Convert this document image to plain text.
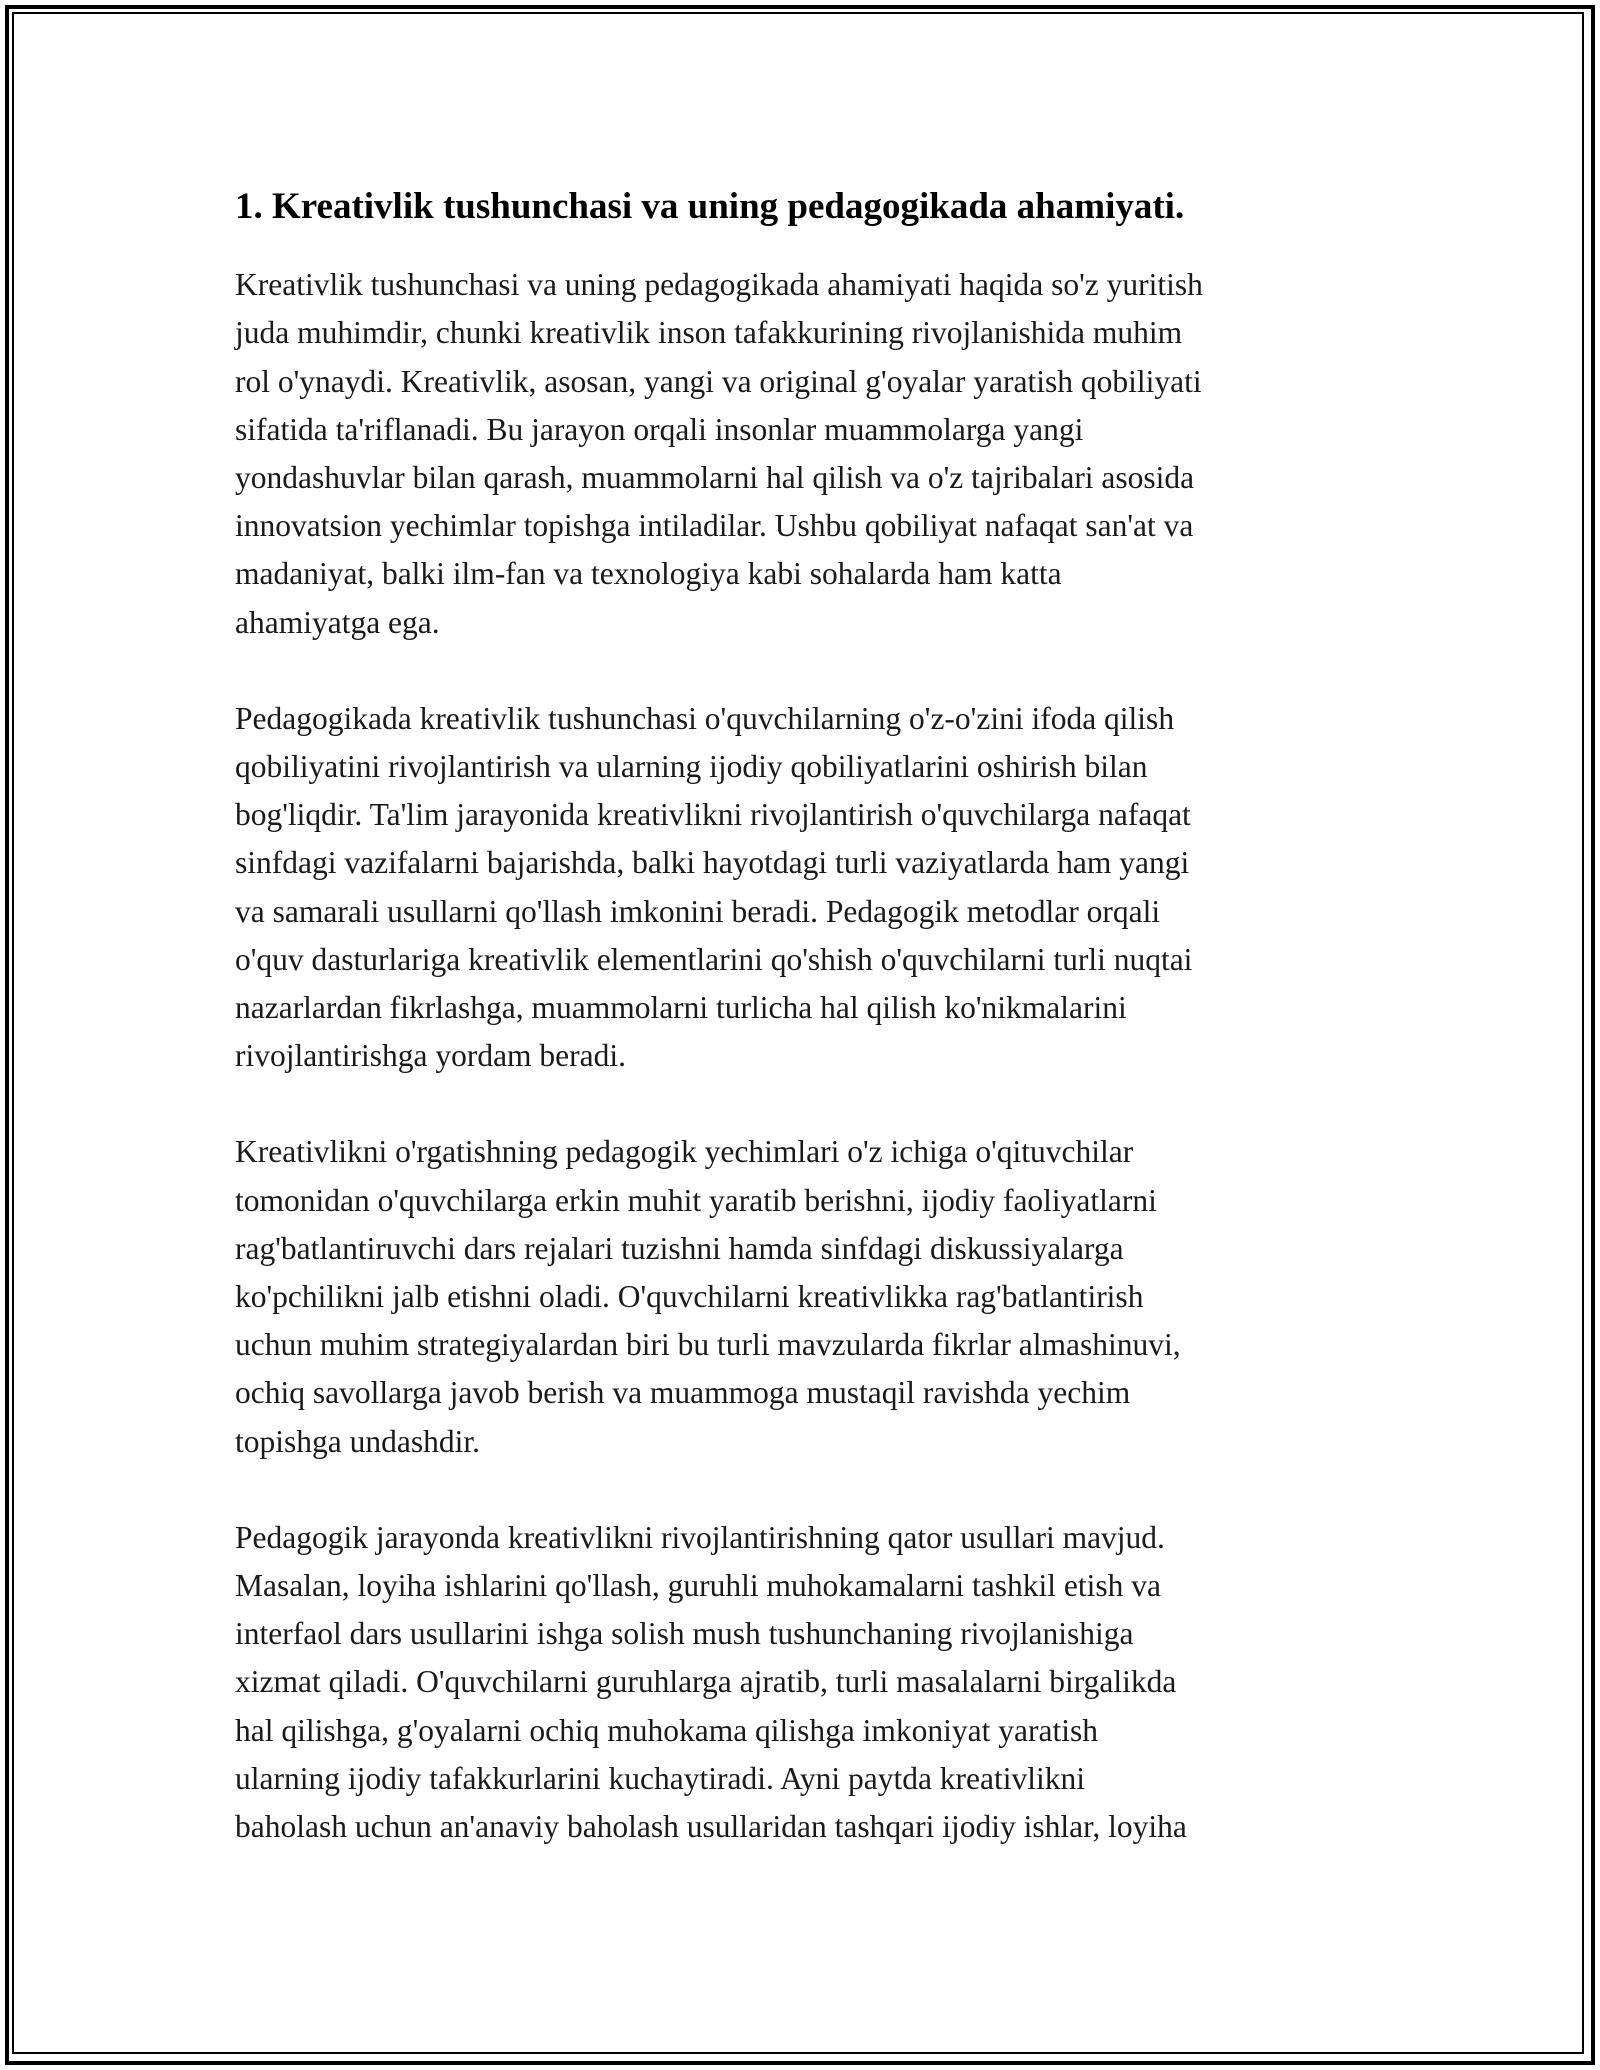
1. Kreativlik tushunchasi va uning pedagogikada ahamiyati.

Kreativlik tushunchasi va uning pedagogikada ahamiyati haqida so'z yuritish
juda muhimdir, chunki kreativlik inson tafakkurining rivojlanishida muhim
rol o'ynaydi. Kreativlik, asosan, yangi va original g'oyalar yaratish qobiliyati
sifatida ta'riflanadi. Bu jarayon orqali insonlar muammolarga yangi
yondashuvlar bilan qarash, muammolarni hal qilish va o'z tajribalari asosida
innovatsion yechimlar topishga intiladilar. Ushbu qobiliyat nafaqat san'at va
madaniyat, balki ilm-fan va texnologiya kabi sohalarda ham katta
ahamiyatga ega.

Pedagogikada kreativlik tushunchasi o'quvchilarning o'z-o'zini ifoda qilish
qobiliyatini rivojlantirish va ularning ijodiy qobiliyatlarini oshirish bilan
bog'liqdir. Ta'lim jarayonida kreativlikni rivojlantirish o'quvchilarga nafaqat
sinfdagi vazifalarni bajarishda, balki hayotdagi turli vaziyatlarda ham yangi
va samarali usullarni qo'llash imkonini beradi. Pedagogik metodlar orqali
o'quv dasturlariga kreativlik elementlarini qo'shish o'quvchilarni turli nuqtai
nazarlardan fikrlashga, muammolarni turlicha hal qilish ko'nikmalarini
rivojlantirishga yordam beradi.

Kreativlikni o'rgatishning pedagogik yechimlari o'z ichiga o'qituvchilar
tomonidan o'quvchilarga erkin muhit yaratib berishni, ijodiy faoliyatlarni
rag'batlantiruvchi dars rejalari tuzishni hamda sinfdagi diskussiyalarga
ko'pchilikni jalb etishni oladi. O'quvchilarni kreativlikka rag'batlantirish
uchun muhim strategiyalardan biri bu turli mavzularda fikrlar almashinuvi,
ochiq savollarga javob berish va muammoga mustaqil ravishda yechim
topishga undashdir.

Pedagogik jarayonda kreativlikni rivojlantirishning qator usullari mavjud.
Masalan, loyiha ishlarini qo'llash, guruhli muhokamalarni tashkil etish va
interfaol dars usullarini ishga solish mush tushunchaning rivojlanishiga
xizmat qiladi. O'quvchilarni guruhlarga ajratib, turli masalalarni birgalikda
hal qilishga, g'oyalarni ochiq muhokama qilishga imkoniyat yaratish
ularning ijodiy tafakkurlarini kuchaytiradi. Ayni paytda kreativlikni
baholash uchun an'anaviy baholash usullaridan tashqari ijodiy ishlar, loyiha
